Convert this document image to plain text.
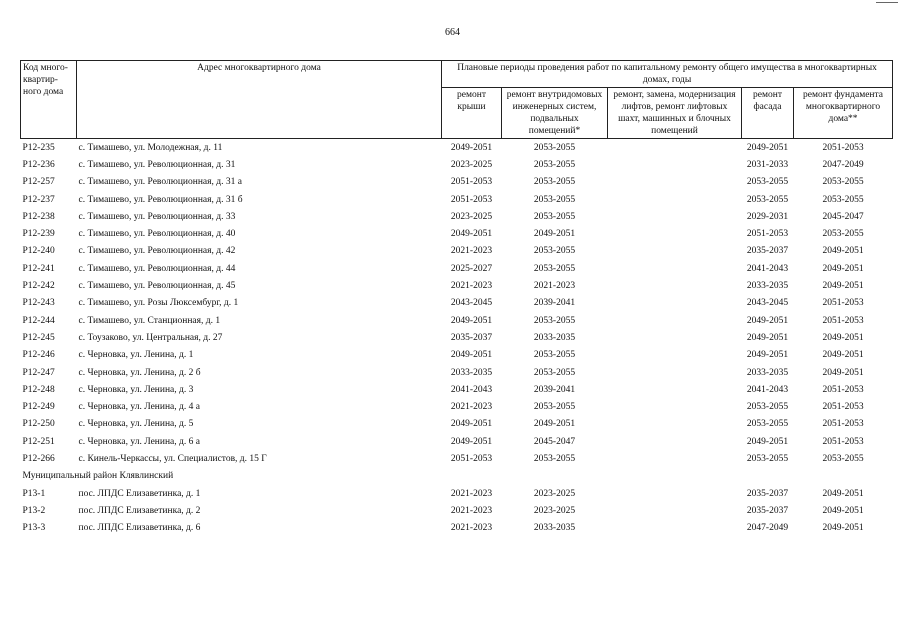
664
Код много-квартир-ного дома	Адрес многоквартирного дома	Плановые периоды проведения работ по капитальному ремонту общего имущества в многоквартирных домах, годы				
		ремонт крыши	ремонт внутридомовых инженерных систем, подвальных помещений*	ремонт, замена, модернизация лифтов, ремонт лифтовых шахт, машинных и блочных помещений	ремонт фасада	ремонт фундамента многоквартирного дома**
Р12-235	с. Тимашево, ул. Молодежная, д. 11	2049-2051	2053-2055		2049-2051	2051-2053
Р12-236	с. Тимашево, ул. Революционная, д. 31	2023-2025	2053-2055		2031-2033	2047-2049
Р12-257	с. Тимашево, ул. Революционная, д. 31 а	2051-2053	2053-2055		2053-2055	2053-2055
Р12-237	с. Тимашево, ул. Революционная, д. 31 б	2051-2053	2053-2055		2053-2055	2053-2055
Р12-238	с. Тимашево, ул. Революционная, д. 33	2023-2025	2053-2055		2029-2031	2045-2047
Р12-239	с. Тимашево, ул. Революционная, д. 40	2049-2051	2049-2051		2051-2053	2053-2055
Р12-240	с. Тимашево, ул. Революционная, д. 42	2021-2023	2053-2055		2035-2037	2049-2051
Р12-241	с. Тимашево, ул. Революционная, д. 44	2025-2027	2053-2055		2041-2043	2049-2051
Р12-242	с. Тимашево, ул. Революционная, д. 45	2021-2023	2021-2023		2033-2035	2049-2051
Р12-243	с. Тимашево, ул. Розы Люксембург, д. 1	2043-2045	2039-2041		2043-2045	2051-2053
Р12-244	с. Тимашево, ул. Станционная, д. 1	2049-2051	2053-2055		2049-2051	2051-2053
Р12-245	с. Тоузаково, ул. Центральная, д. 27	2035-2037	2033-2035		2049-2051	2049-2051
Р12-246	с. Черновка, ул. Ленина, д. 1	2049-2051	2053-2055		2049-2051	2049-2051
Р12-247	с. Черновка, ул. Ленина, д. 2 б	2033-2035	2053-2055		2033-2035	2049-2051
Р12-248	с. Черновка, ул. Ленина, д. 3	2041-2043	2039-2041		2041-2043	2051-2053
Р12-249	с. Черновка, ул. Ленина, д. 4 а	2021-2023	2053-2055		2053-2055	2051-2053
Р12-250	с. Черновка, ул. Ленина, д. 5	2049-2051	2049-2051		2053-2055	2051-2053
Р12-251	с. Черновка, ул. Ленина, д. 6 а	2049-2051	2045-2047		2049-2051	2051-2053
Р12-266	с. Кинель-Черкассы, ул. Специалистов, д. 15 Г	2051-2053	2053-2055		2053-2055	2053-2055
Муниципальный район Клявлинский						
Р13-1	пос. ЛПДС Елизаветинка, д. 1	2021-2023	2023-2025		2035-2037	2049-2051
Р13-2	пос. ЛПДС Елизаветинка, д. 2	2021-2023	2023-2025		2035-2037	2049-2051
Р13-3	пос. ЛПДС Елизаветинка, д. 6	2021-2023	2033-2035		2047-2049	2049-2051
